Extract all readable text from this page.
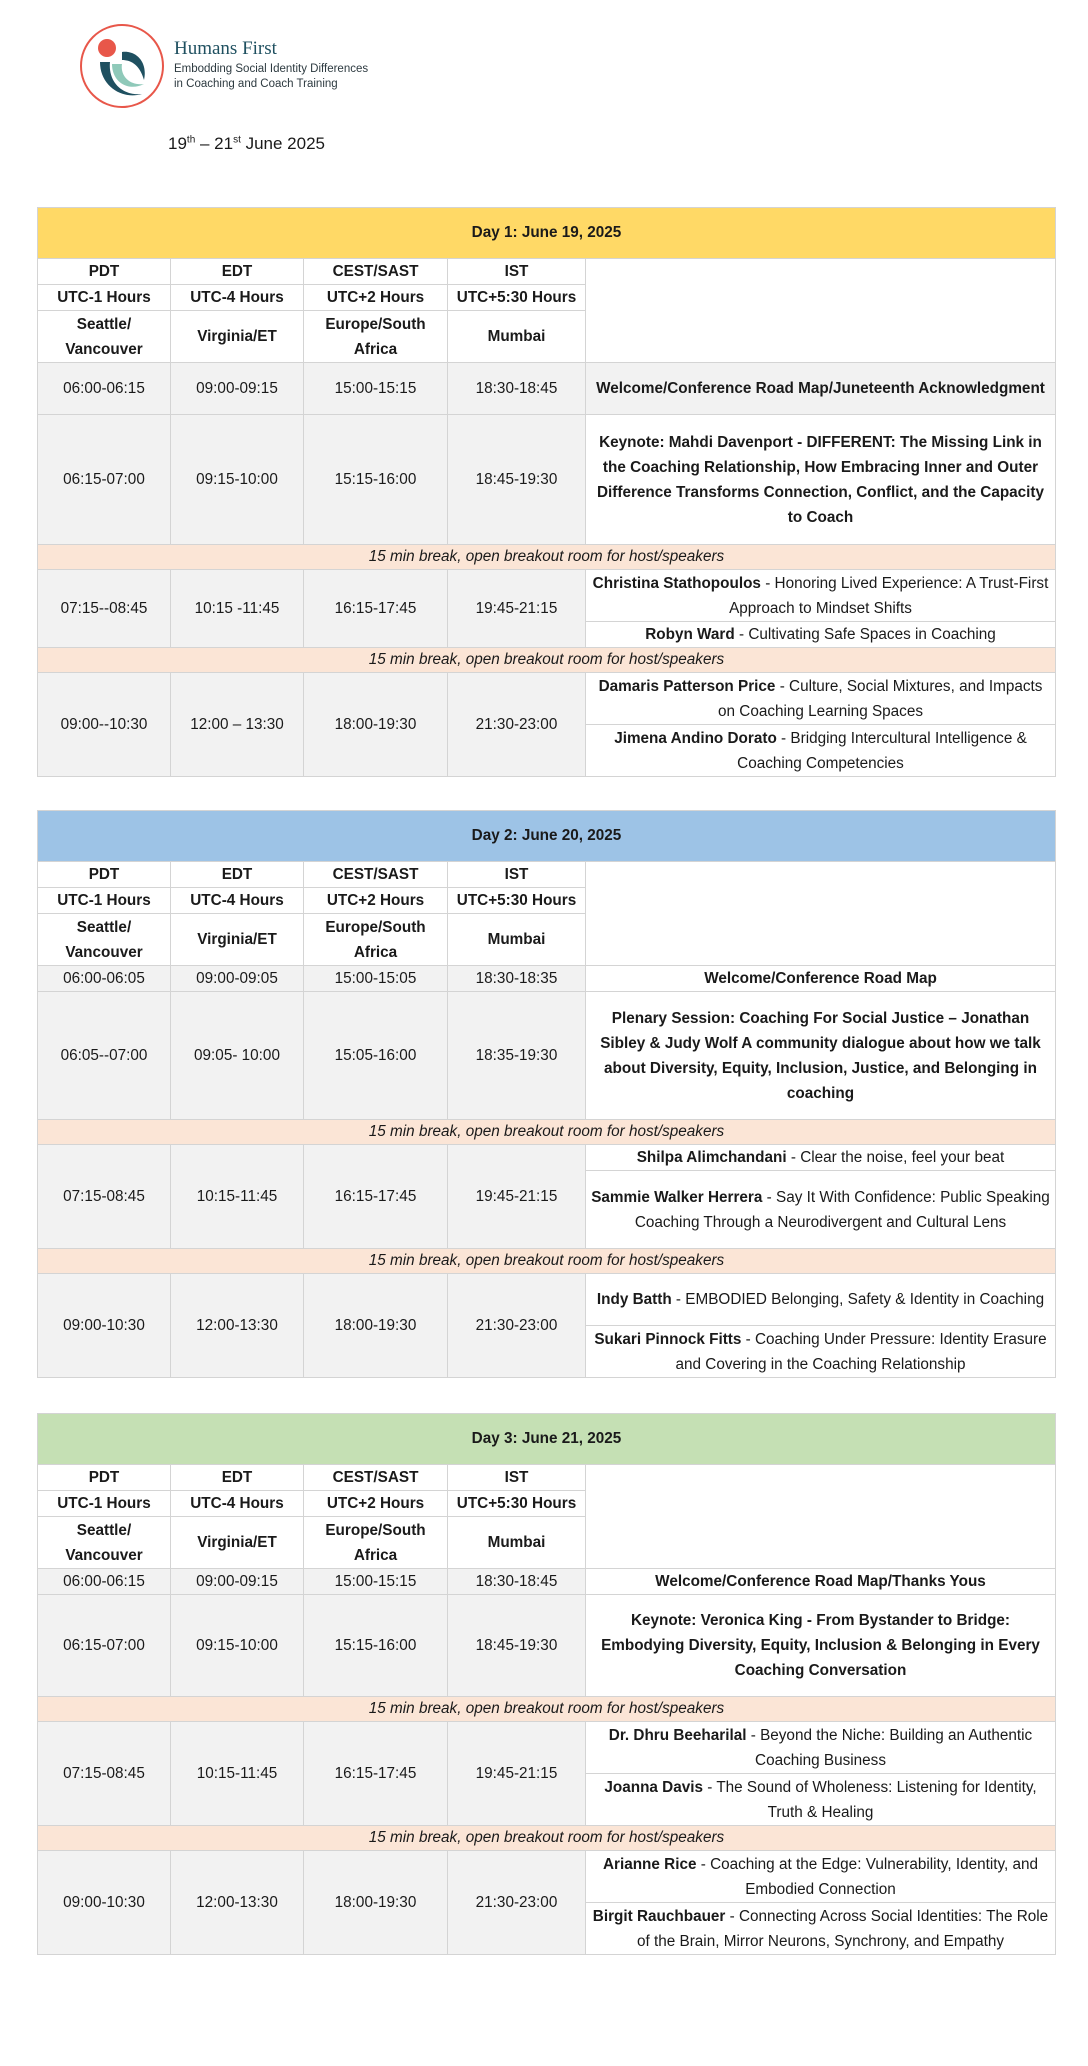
Humans First
Embodding Social Identity Differences
in Coaching and Coach Training
19th – 21st June 2025
Day 1: June 19, 2025				
PDT	EDT	CEST/SAST	IST	
UTC-1 Hours	UTC-4 Hours	UTC+2 Hours	UTC+5:30 Hours	
Seattle/ Vancouver	Virginia/ET	Europe/South Africa	Mumbai	
06:00-06:15	09:00-09:15	15:00-15:15	18:30-18:45	Welcome/Conference Road Map/Juneteenth Acknowledgment
06:15-07:00	09:15-10:00	15:15-16:00	18:45-19:30	Keynote: Mahdi Davenport - DIFFERENT: The Missing Link in the Coaching Relationship, How Embracing Inner and Outer Difference Transforms Connection, Conflict, and the Capacity to Coach
15 min break, open breakout room for host/speakers				
07:15--08:45	10:15 -11:45	16:15-17:45	19:45-21:15	Christina Stathopoulos - Honoring Lived Experience: A Trust-First Approach to Mindset Shifts
				Robyn Ward - Cultivating Safe Spaces in Coaching
15 min break, open breakout room for host/speakers				
09:00--10:30	12:00 – 13:30	18:00-19:30	21:30-23:00	Damaris Patterson Price - Culture, Social Mixtures, and Impacts on Coaching Learning Spaces
				Jimena Andino Dorato - Bridging Intercultural Intelligence & Coaching Competencies
Day 2: June 20, 2025				
PDT	EDT	CEST/SAST	IST	
UTC-1 Hours	UTC-4 Hours	UTC+2 Hours	UTC+5:30 Hours	
Seattle/ Vancouver	Virginia/ET	Europe/South Africa	Mumbai	
06:00-06:05	09:00-09:05	15:00-15:05	18:30-18:35	Welcome/Conference Road Map
06:05--07:00	09:05- 10:00	15:05-16:00	18:35-19:30	Plenary Session: Coaching For Social Justice – Jonathan Sibley & Judy Wolf A community dialogue about how we talk about Diversity, Equity, Inclusion, Justice, and Belonging in coaching
15 min break, open breakout room for host/speakers				
07:15-08:45	10:15-11:45	16:15-17:45	19:45-21:15	Shilpa Alimchandani - Clear the noise, feel your beat
				Sammie Walker Herrera - Say It With Confidence: Public Speaking Coaching Through a Neurodivergent and Cultural Lens
15 min break, open breakout room for host/speakers				
09:00-10:30	12:00-13:30	18:00-19:30	21:30-23:00	Indy Batth - EMBODIED Belonging, Safety & Identity in Coaching
				Sukari Pinnock Fitts - Coaching Under Pressure: Identity Erasure and Covering in the Coaching Relationship
Day 3: June 21, 2025				
PDT	EDT	CEST/SAST	IST	
UTC-1 Hours	UTC-4 Hours	UTC+2 Hours	UTC+5:30 Hours	
Seattle/ Vancouver	Virginia/ET	Europe/South Africa	Mumbai	
06:00-06:15	09:00-09:15	15:00-15:15	18:30-18:45	Welcome/Conference Road Map/Thanks Yous
06:15-07:00	09:15-10:00	15:15-16:00	18:45-19:30	Keynote: Veronica King - From Bystander to Bridge: Embodying Diversity, Equity, Inclusion & Belonging in Every Coaching Conversation
15 min break, open breakout room for host/speakers				
07:15-08:45	10:15-11:45	16:15-17:45	19:45-21:15	Dr. Dhru Beeharilal - Beyond the Niche: Building an Authentic Coaching Business
				Joanna Davis - The Sound of Wholeness: Listening for Identity, Truth & Healing
15 min break, open breakout room for host/speakers				
09:00-10:30	12:00-13:30	18:00-19:30	21:30-23:00	Arianne Rice - Coaching at the Edge: Vulnerability, Identity, and Embodied Connection
				Birgit Rauchbauer - Connecting Across Social Identities: The Role of the Brain, Mirror Neurons, Synchrony, and Empathy
